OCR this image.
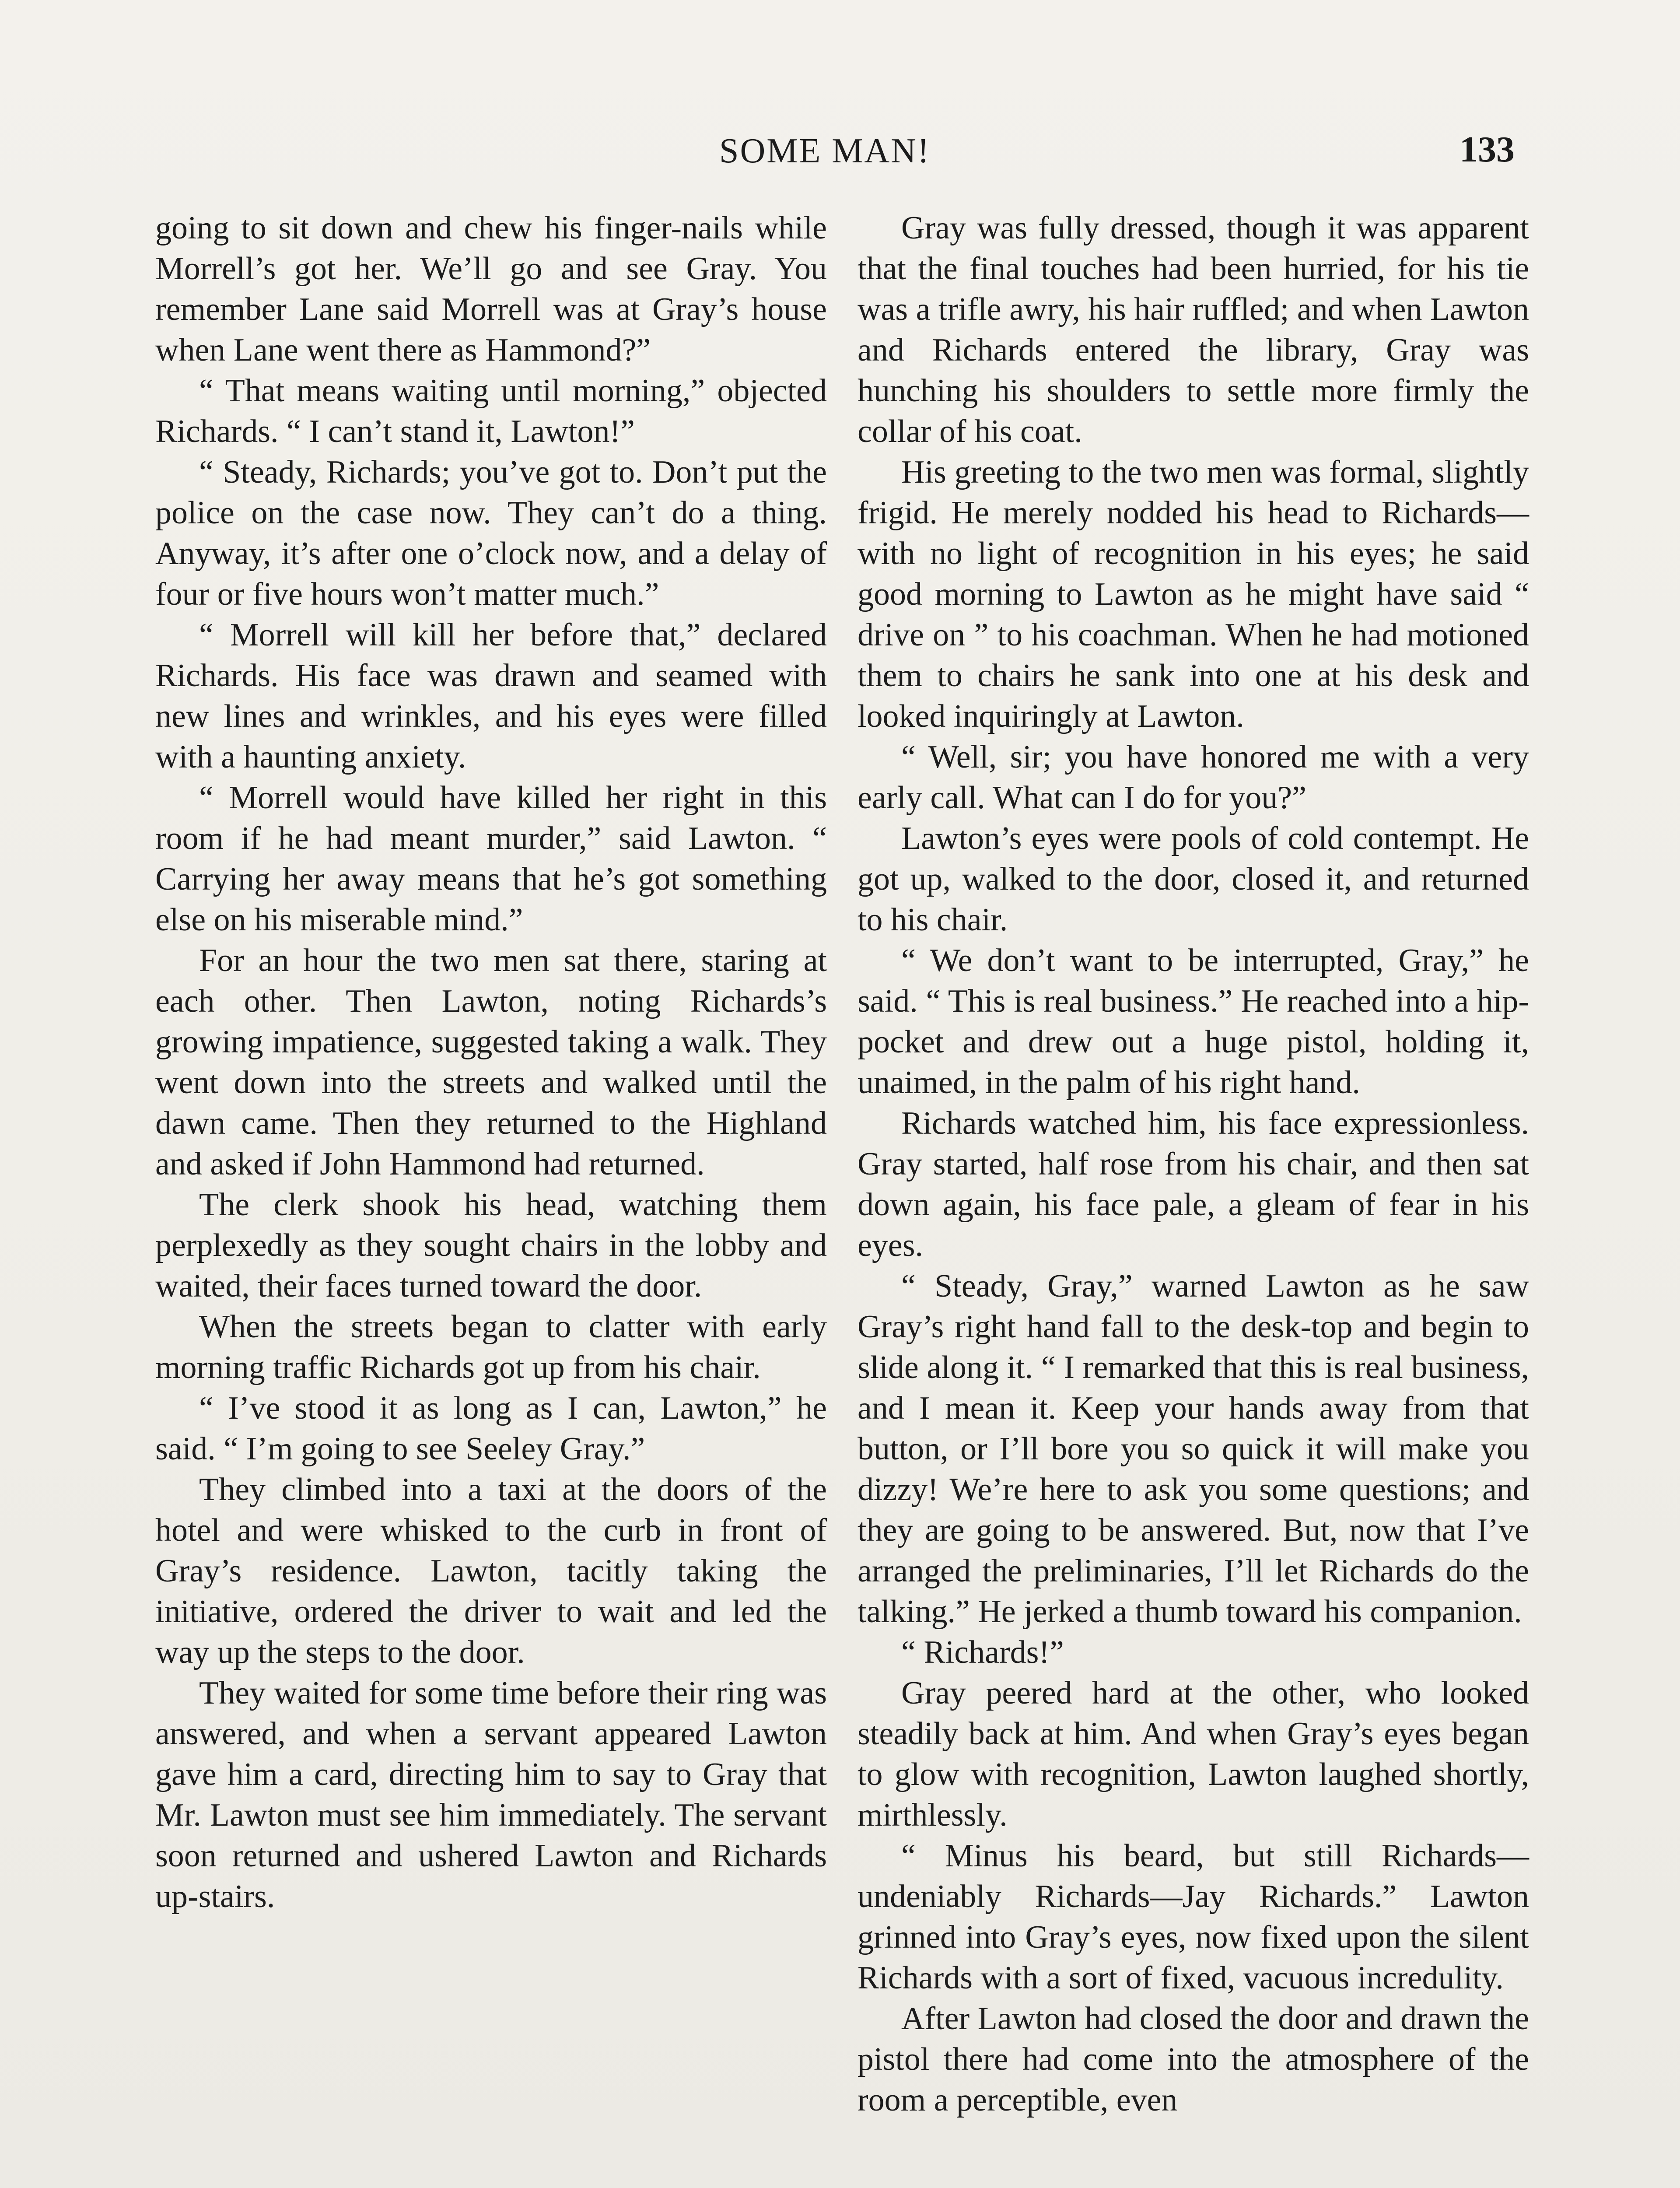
SOME MAN!	133

going to sit down and chew his finger-nails while Morrell’s got her. We’ll go and see Gray. You remember Lane said Morrell was at Gray’s house when Lane went there as Hammond?”

“ That means waiting until morning,” objected Richards. “ I can’t stand it, Lawton!”

“ Steady, Richards; you’ve got to. Don’t put the police on the case now. They can’t do a thing. Anyway, it’s after one o’clock now, and a delay of four or five hours won’t matter much.”

“ Morrell will kill her before that,” declared Richards. His face was drawn and seamed with new lines and wrinkles, and his eyes were filled with a haunting anxiety.

“ Morrell would have killed her right in this room if he had meant murder,” said Lawton. “ Carrying her away means that he’s got something else on his miserable mind.”

For an hour the two men sat there, staring at each other. Then Lawton, noting Richards’s growing impatience, suggested taking a walk. They went down into the streets and walked until the dawn came. Then they returned to the Highland and asked if John Hammond had returned.

The clerk shook his head, watching them perplexedly as they sought chairs in the lobby and waited, their faces turned toward the door.

When the streets began to clatter with early morning traffic Richards got up from his chair.

“ I’ve stood it as long as I can, Lawton,” he said. “ I’m going to see Seeley Gray.”

They climbed into a taxi at the doors of the hotel and were whisked to the curb in front of Gray’s residence. Lawton, tacitly taking the initiative, ordered the driver to wait and led the way up the steps to the door.

They waited for some time before their ring was answered, and when a servant appeared Lawton gave him a card, directing him to say to Gray that Mr. Lawton must see him immediately. The servant soon returned and ushered Lawton and Richards up-stairs.

Gray was fully dressed, though it was apparent that the final touches had been hurried, for his tie was a trifle awry, his hair ruffled; and when Lawton and Richards entered the library, Gray was hunching his shoulders to settle more firmly the collar of his coat.

His greeting to the two men was formal, slightly frigid. He merely nodded his head to Richards—with no light of recognition in his eyes; he said good morning to Lawton as he might have said “ drive on ” to his coachman. When he had motioned them to chairs he sank into one at his desk and looked inquiringly at Lawton.

“ Well, sir; you have honored me with a very early call. What can I do for you?”

Lawton’s eyes were pools of cold contempt. He got up, walked to the door, closed it, and returned to his chair.

“ We don’t want to be interrupted, Gray,” he said. “ This is real business.” He reached into a hip-pocket and drew out a huge pistol, holding it, unaimed, in the palm of his right hand.

Richards watched him, his face expressionless. Gray started, half rose from his chair, and then sat down again, his face pale, a gleam of fear in his eyes.

“ Steady, Gray,” warned Lawton as he saw Gray’s right hand fall to the desk-top and begin to slide along it. “ I remarked that this is real business, and I mean it. Keep your hands away from that button, or I’ll bore you so quick it will make you dizzy! We’re here to ask you some questions; and they are going to be answered. But, now that I’ve arranged the preliminaries, I’ll let Richards do the talking.” He jerked a thumb toward his companion.

“ Richards!”

Gray peered hard at the other, who looked steadily back at him. And when Gray’s eyes began to glow with recognition, Lawton laughed shortly, mirthlessly.

“ Minus his beard, but still Richards—undeniably Richards—Jay Richards.” Lawton grinned into Gray’s eyes, now fixed upon the silent Richards with a sort of fixed, vacuous incredulity.

After Lawton had closed the door and drawn the pistol there had come into the atmosphere of the room a perceptible, even
